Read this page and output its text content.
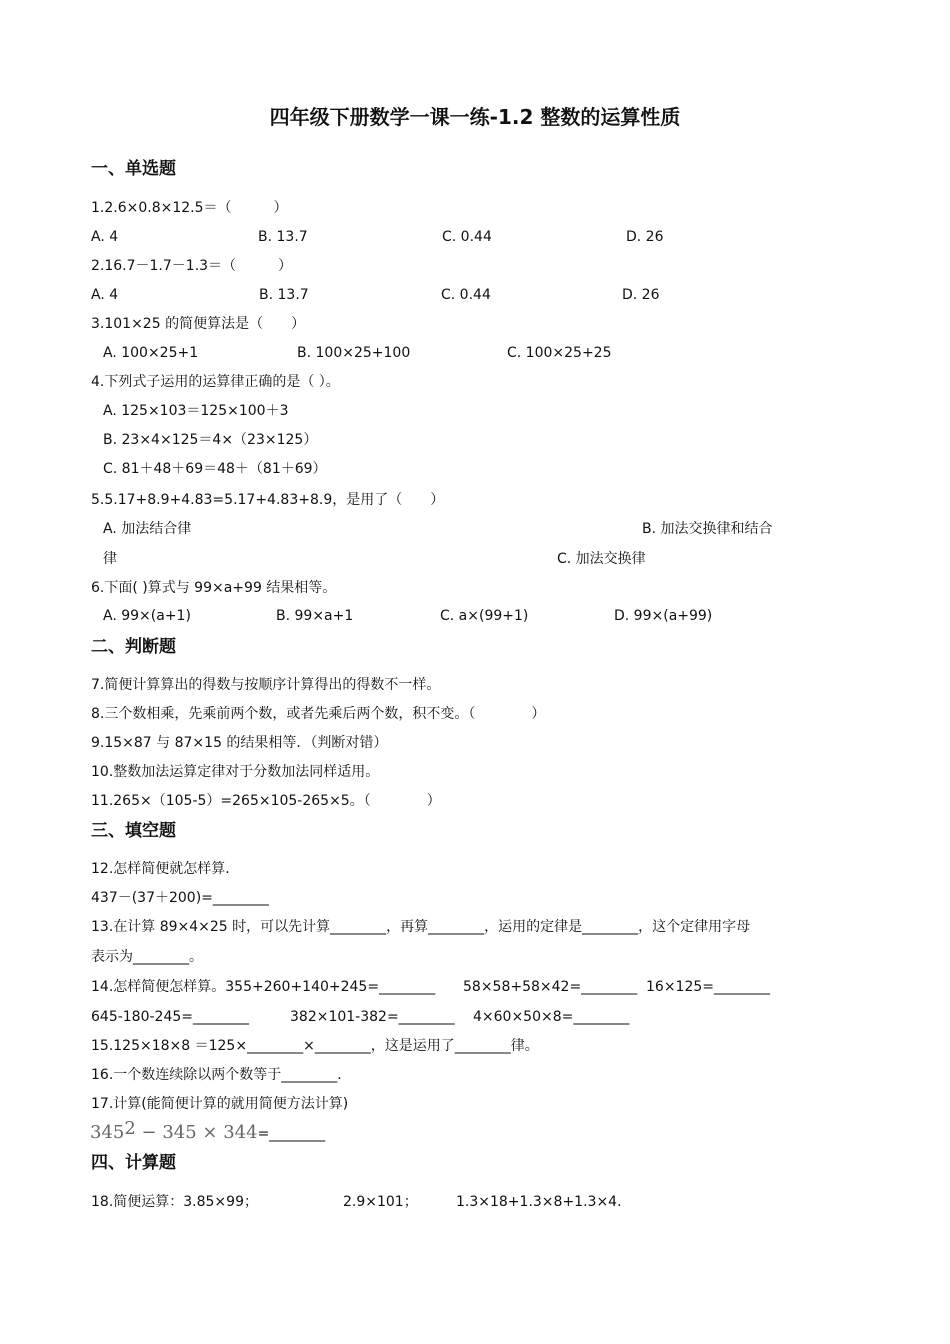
四年级下册数学一课一练-1.2 整数的运算性质
一、单选题
1.2.6×0.8×12.5＝（　　　）
A. 4	B. 13.7	C. 0.44	D. 26
2.16.7－1.7－1.3＝（　　　）
A. 4	B. 13.7	C. 0.44	D. 26
3.101×25 的简便算法是（　　）
A. 100×25+1	B. 100×25+100	C. 100×25+25
4.下列式子运用的运算律正确的是（ ）。
A. 125×103＝125×100＋3
B. 23×4×125＝4×（23×125）
C. 81＋48＋69＝48＋（81＋69）
5.5.17+8.9+4.83=5.17+4.83+8.9，是用了（　　）
A. 加法结合律	B. 加法交换律和结合
律	C. 加法交换律
6.下面( )算式与 99×a+99 结果相等。
A. 99×(a+1)	B. 99×a+1	C. a×(99+1)	D. 99×(a+99)
二、判断题
7.简便计算算出的得数与按顺序计算得出的得数不一样。
8.三个数相乘，先乘前两个数，或者先乘后两个数，积不变。（　　　　）
9.15×87 与 87×15 的结果相等．（判断对错）
10.整数加法运算定律对于分数加法同样适用。
11.265×（105-5）=265×105-265×5。（　　　　）
三、填空题
12.怎样简便就怎样算．
437－(37＋200)=________
13.在计算 89×4×25 时，可以先计算________，再算________，运用的定律是________，这个定律用字母
表示为________。
14.怎样简便怎样算。355+260+140+245=________ 58×58+58×42=________ 16×125=________
645-180-245=________	382×101-382=________ 4×60×50×8=________
15.125×18×8 ＝125×________×________，这是运用了________律。
16.一个数连续除以两个数等于________.
17.计算(能简便计算的就用简便方法计算)
$345^2 - 345$ × 344=________
四、计算题
18.简便运算：3.85×99；	2.9×101；	1.3×18+1.3×8+1.3×4．
